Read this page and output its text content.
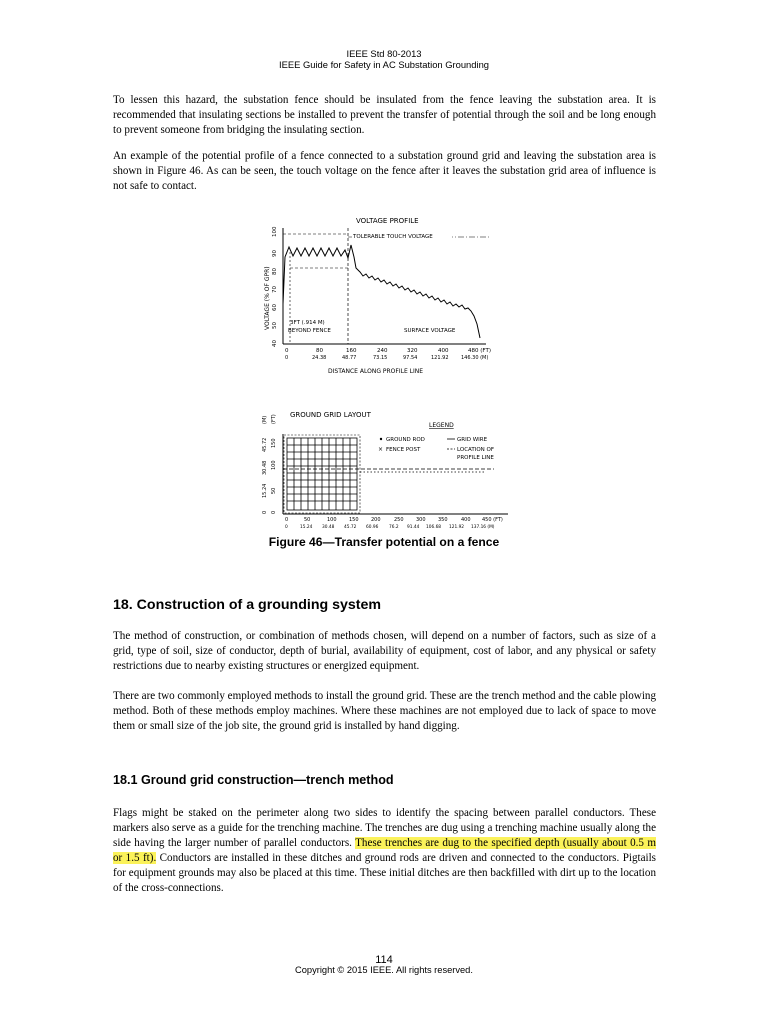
IEEE Std 80-2013
IEEE Guide for Safety in AC Substation Grounding
To lessen this hazard, the substation fence should be insulated from the fence leaving the substation area. It is recommended that insulating sections be installed to prevent the transfer of potential through the soil and be long enough to prevent someone from bridging the insulating section.
An example of the potential profile of a fence connected to a substation ground grid and leaving the substation area is shown in Figure 46. As can be seen, the touch voltage on the fence after it leaves the substation grid area of influence is not safe to contact.
VOLTAGE PROFILE
VOLTAGE (% OF GPR)
40
50
60
70
80
90
100	TOLERABLE TOUCH VOLTAGE
3FT (.914 M)
BEYOND FENCE	SURFACE VOLTAGE
0	80	160	240	320	400	480 (FT)
0	24.38	48.77	73.15	97.54	121.92	146.30 (M)
DISTANCE ALONG PROFILE LINE
GROUND GRID LAYOUT
0
15.24
30.48
45.72
(M)
0
50
100
150
(FT)
LEGEND
GROUND ROD
× FENCE POST
GRID WIRE
LOCATION OF
PROFILE LINE
0	50	100 150 200	250 300 350	400 450 (FT)
0	15.24 30.48 45.72 60.96 76.2 91.44 106.68 121.92 137.16 (M)
Figure 46—Transfer potential on a fence
18. Construction of a grounding system
The method of construction, or combination of methods chosen, will depend on a number of factors, such as size of a grid, type of soil, size of conductor, depth of burial, availability of equipment, cost of labor, and any physical or safety restrictions due to nearby existing structures or energized equipment.
There are two commonly employed methods to install the ground grid. These are the trench method and the cable plowing method. Both of these methods employ machines. Where these machines are not employed due to lack of space to move them or small size of the job site, the ground grid is installed by hand digging.
18.1 Ground grid construction—trench method
Flags might be staked on the perimeter along two sides to identify the spacing between parallel conductors. These markers also serve as a guide for the trenching machine. The trenches are dug using a trenching machine usually along the side having the larger number of parallel conductors. These trenches are dug to the specified depth (usually about 0.5 m or 1.5 ft). Conductors are installed in these ditches and ground rods are driven and connected to the conductors. Pigtails for equipment grounds may also be placed at this time. These initial ditches are then backfilled with dirt up to the location of the cross-connections.
114
Copyright © 2015 IEEE. All rights reserved.
